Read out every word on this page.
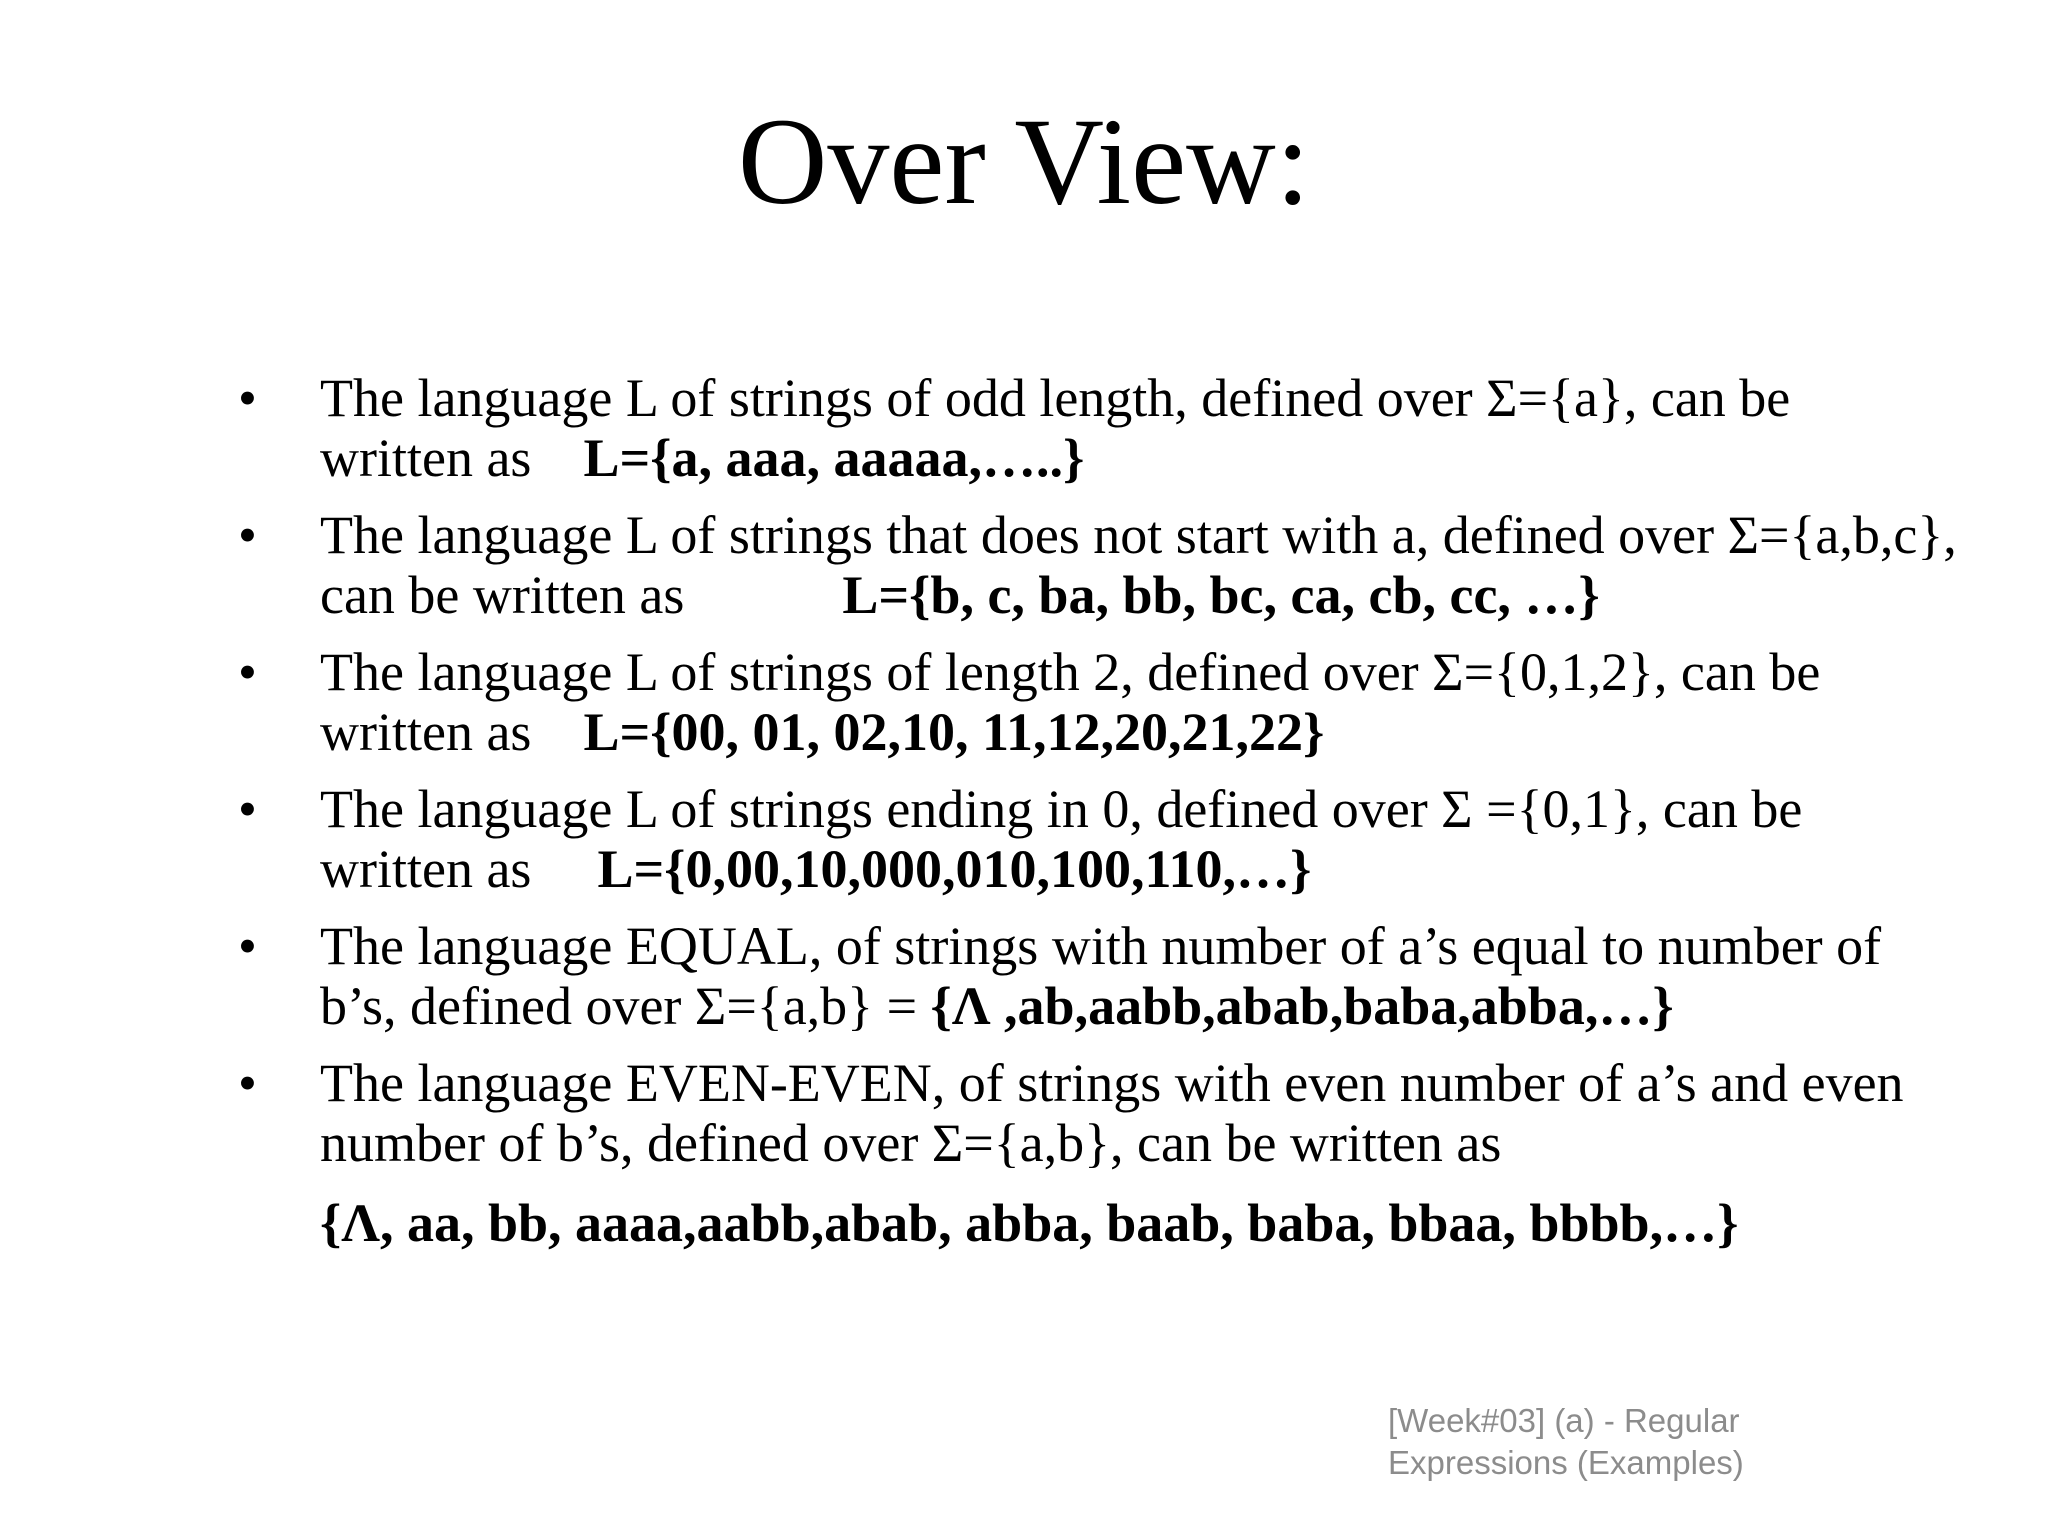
Over View:
•	The language L of strings of odd length, defined over Σ={a}, can be
written as L={a, aaa, aaaaa,…..}
•	The language L of strings that does not start with a, defined over Σ={a,b,c},
can be written as	L={b, c, ba, bb, bc, ca, cb, cc, …}
•	The language L of strings of length 2, defined over Σ={0,1,2}, can be
written as L={00, 01, 02,10, 11,12,20,21,22}
•	The language L of strings ending in 0, defined over Σ ={0,1}, can be
written as L={0,00,10,000,010,100,110,…}
•	The language EQUAL, of strings with number of a’s equal to number of
b’s, defined over Σ={a,b} = {Λ ,ab,aabb,abab,baba,abba,…}
•	The language EVEN-EVEN, of strings with even number of a’s and even
number of b’s, defined over Σ={a,b}, can be written as
{Λ, aa, bb, aaaa,aabb,abab, abba, baab, baba, bbaa, bbbb,…}
[Week#03] (a) - Regular
Expressions (Examples)
